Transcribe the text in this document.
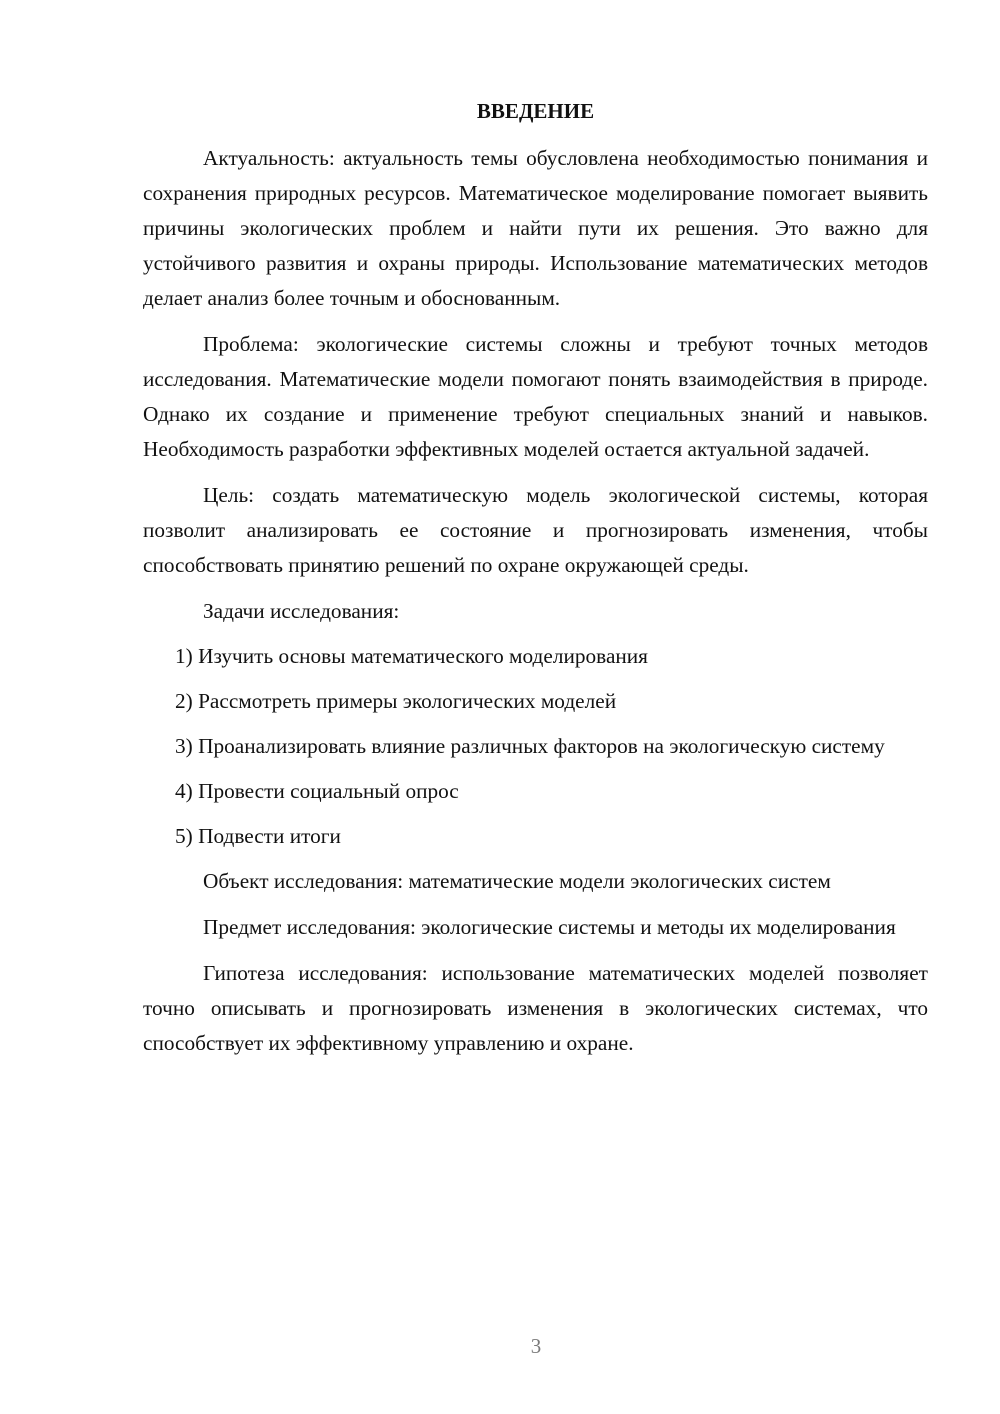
ВВЕДЕНИЕ

Актуальность: актуальность темы обусловлена необходимостью понимания и сохранения природных ресурсов. Математическое моделирование помогает выявить причины экологических проблем и найти пути их решения. Это важно для устойчивого развития и охраны природы. Использование математических методов делает анализ более точным и обоснованным.

Проблема: экологические системы сложны и требуют точных методов исследования. Математические модели помогают понять взаимодействия в природе. Однако их создание и применение требуют специальных знаний и навыков. Необходимость разработки эффективных моделей остается актуальной задачей.

Цель: создать математическую модель экологической системы, которая позволит анализировать ее состояние и прогнозировать изменения, чтобы способствовать принятию решений по охране окружающей среды.

Задачи исследования:

1) Изучить основы математического моделирования
2) Рассмотреть примеры экологических моделей
3) Проанализировать влияние различных факторов на экологическую систему
4) Провести социальный опрос
5) Подвести итоги

Объект исследования: математические модели экологических систем

Предмет исследования: экологические системы и методы их моделирования

Гипотеза исследования: использование математических моделей позволяет точно описывать и прогнозировать изменения в экологических системах, что способствует их эффективному управлению и охране.

3
